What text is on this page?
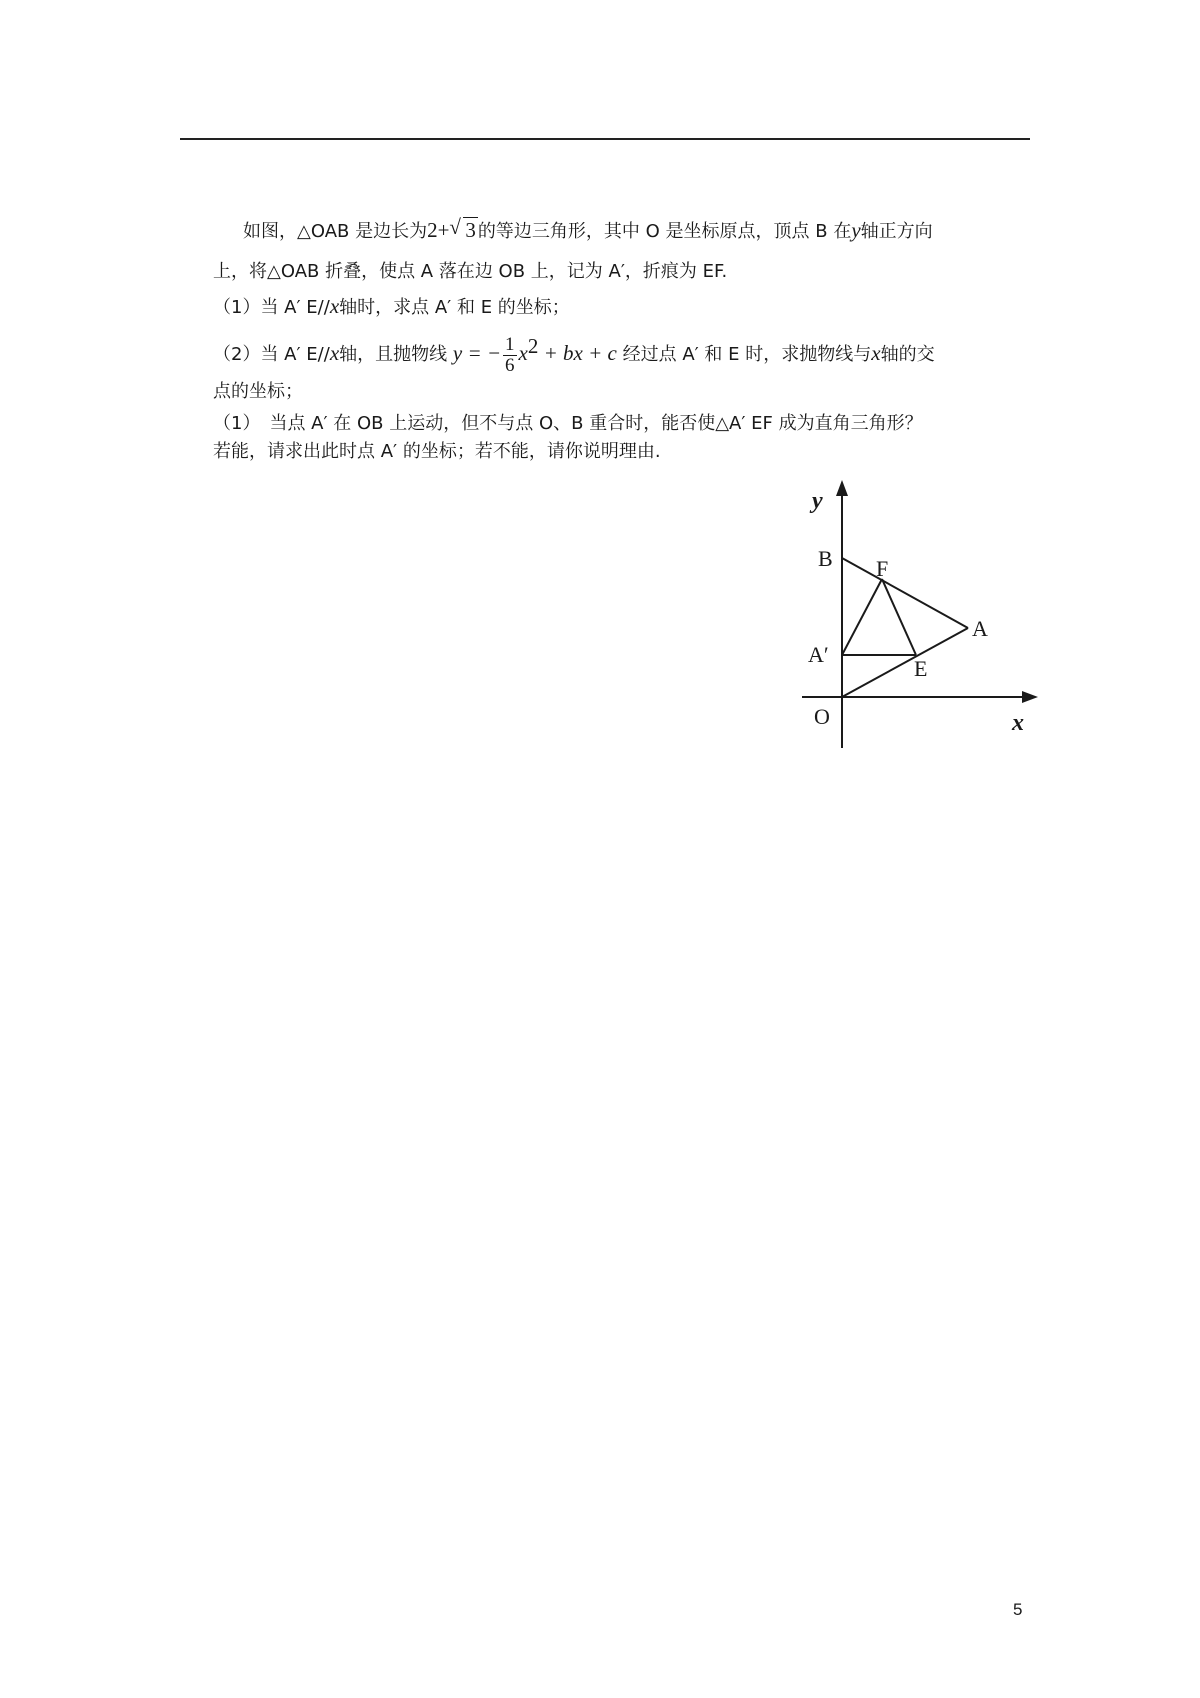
如图，△OAB 是边长为2+ √ 3 的等边三角形，其中 O 是坐标原点，顶点 B 在y轴正方向
上，将△OAB 折叠，使点 A 落在边 OB 上，记为 A′，折痕为 EF.
（1）当 A′ E//x轴时，求点 A′ 和 E 的坐标；
（2）当 A′ E//x轴，且抛物线 y = − $\frac{1}{6} x^2$ + bx + c 经过点 A′ 和 E 时，求抛物线与x轴的交
点的坐标；
（1）　当点 A′ 在 OB 上运动，但不与点 O、B 重合时，能否使△A′ EF 成为直角三角形？
若能，请求出此时点 A′ 的坐标；若不能，请你说明理由.
y
x
B F
A
A′
E
O
5
